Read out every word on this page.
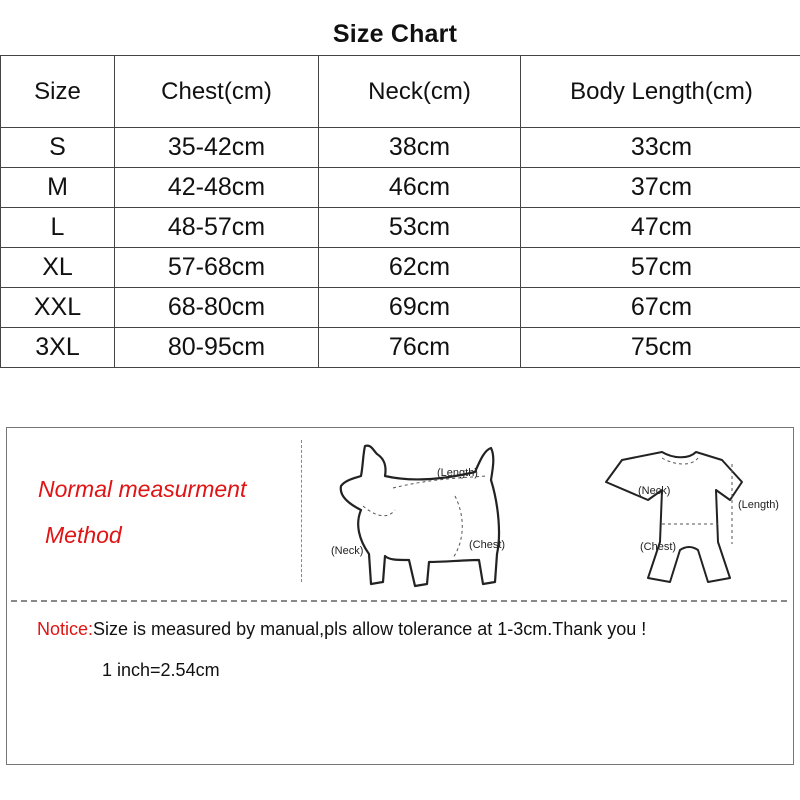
Size Chart
Size	Chest(cm)	Neck(cm)	Body Length(cm)
S	35-42cm	38cm	33cm
M	42-48cm	46cm	37cm
L	48-57cm	53cm	47cm
XL	57-68cm	62cm	57cm
XXL	68-80cm	69cm	67cm
3XL	80-95cm	76cm	75cm
Normal measurment
Method
(Length)
(Neck)	(Chest)
(Neck)
(Length)
(Chest)
Notice:Size is measured by manual,pls allow tolerance at 1-3cm.Thank you !
1 inch=2.54cm
